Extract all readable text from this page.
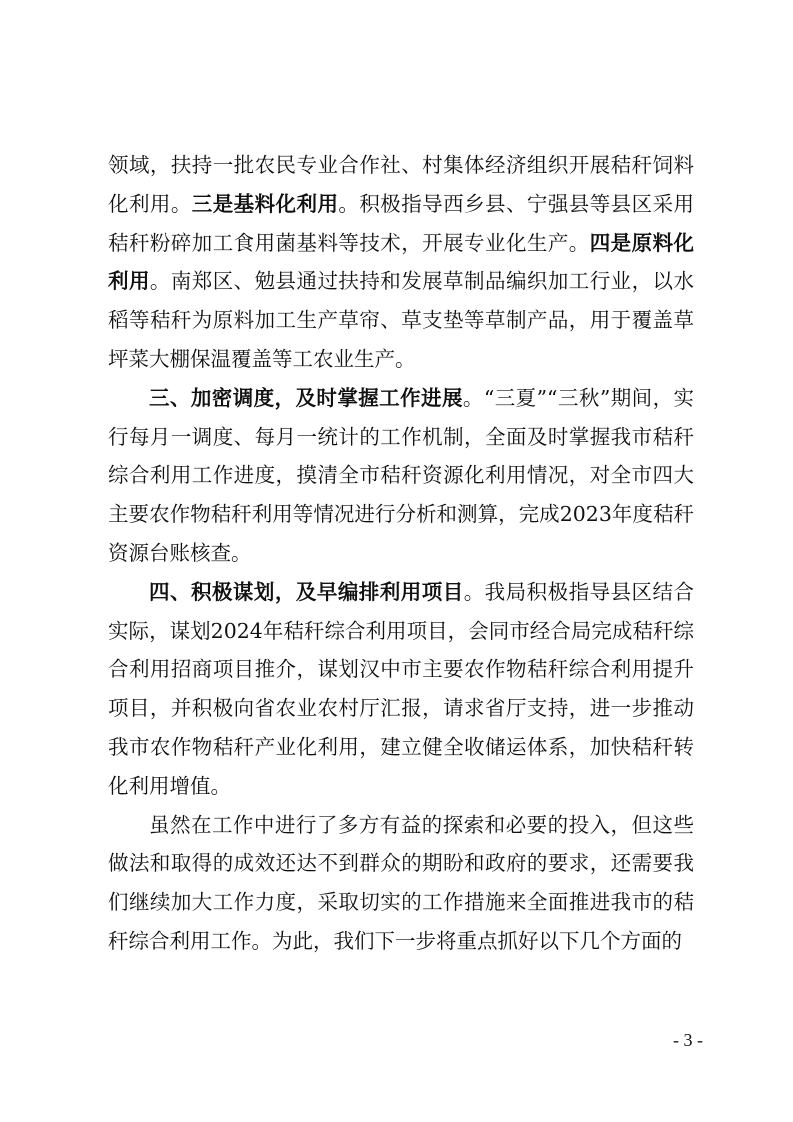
领域，扶持一批农民专业合作社、村集体经济组织开展秸秆饲料化利用。三是基料化利用。积极指导西乡县、宁强县等县区采用秸秆粉碎加工食用菌基料等技术，开展专业化生产。四是原料化利用。南郑区、勉县通过扶持和发展草制品编织加工行业，以水稻等秸秆为原料加工生产草帘、草支垫等草制产品，用于覆盖草坪菜大棚保温覆盖等工农业生产。

三、加密调度，及时掌握工作进展。“三夏”“三秋”期间，实行每月一调度、每月一统计的工作机制，全面及时掌握我市秸秆综合利用工作进度，摸清全市秸秆资源化利用情况，对全市四大主要农作物秸秆利用等情况进行分析和测算，完成2023年度秸秆资源台账核查。

四、积极谋划，及早编排利用项目。我局积极指导县区结合实际，谋划2024年秸秆综合利用项目，会同市经合局完成秸秆综合利用招商项目推介，谋划汉中市主要农作物秸秆综合利用提升项目，并积极向省农业农村厅汇报，请求省厅支持，进一步推动我市农作物秸秆产业化利用，建立健全收储运体系，加快秸秆转化利用增值。

虽然在工作中进行了多方有益的探索和必要的投入，但这些做法和取得的成效还达不到群众的期盼和政府的要求，还需要我们继续加大工作力度，采取切实的工作措施来全面推进我市的秸秆综合利用工作。为此，我们下一步将重点抓好以下几个方面的

- 3 -
